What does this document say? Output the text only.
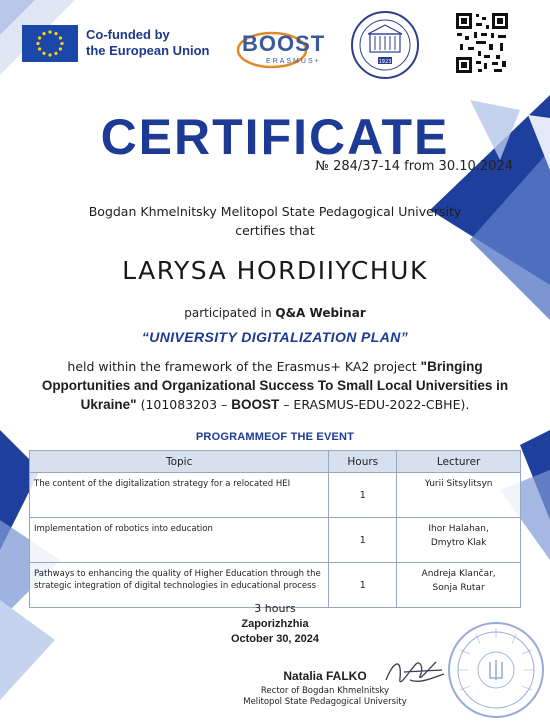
Co-funded by
the European Union BOOST
ERASMUS+	1923
CERTIFICATE
№ 284/37-14 from 30.10.2024
Bogdan Khmelnitsky Melitopol State Pedagogical University
certifies that
LARYSA HORDIIYCHUK
participated in Q&A Webinar
“UNIVERSITY DIGITALIZATION PLAN”
held within the framework of the Erasmus+ KA2 project "Bringing Opportunities and Organizational Success To Small Local Universities in Ukraine" (101083203 – BOOST – ERASMUS-EDU-2022-CBHE).
PROGRAMMEOF THE EVENT
Topic	Hours	Lecturer
The content of the digitalization strategy for a relocated HEI	1	Yurii Sitsylitsyn

Implementation of robotics into education	1	Ihor Halahan,
Dmytro Klak

Pathways to enhancing the quality of Higher Education through the strategic integration of digital technologies in educational process	1	Andreja Klančar,
Sonja Rutar
3 hours
Zaporizhzhia
October 30, 2024
Natalia FALKO
Rector of Bogdan Khmelnitsky
Melitopol State Pedagogical University
